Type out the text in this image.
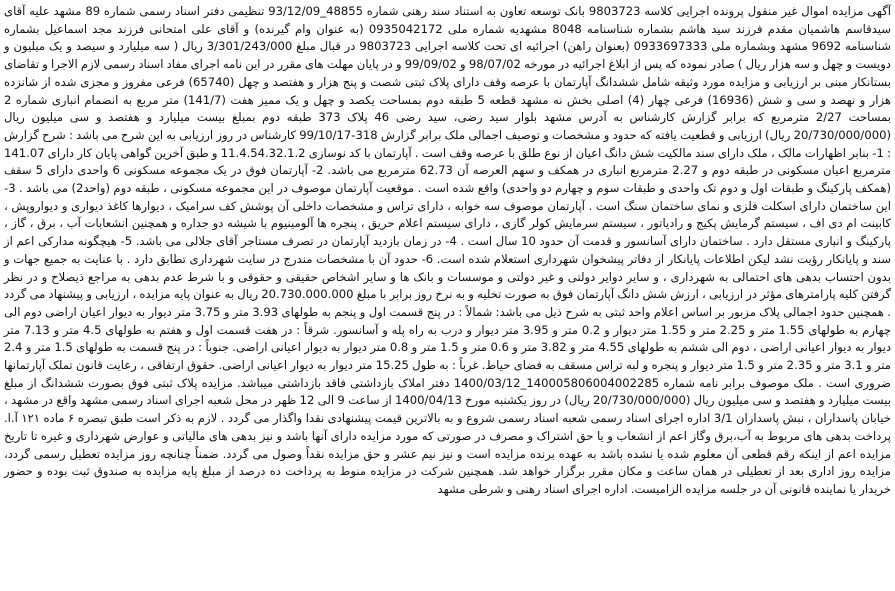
آگهی مزایده اموال غیر منقول پرونده اجرایی کلاسه 9803723 بانک توسعه تعاون به استناد سند رهنی شماره 48855_93/12/09 تنظیمی دفتر اسناد رسمی شماره 89 مشهد علیه آقای سیدقاسم هاشمیان مقدم فرزند سید هاشم بشماره شناسنامه 8048 مشهدیه شماره ملی 0935042172 (به عنوان وام گیرنده) و آقای علی امتحانی فرزند مجد اسماعیل بشماره شناسنامه 9692 مشهد وبشماره ملی 0933697333 (بعنوان راهن) اجرائیه ای تحت کلاسه اجرایی 9803723 در قبال مبلغ 3/301/243/000 ریال ( سه میلیارد و سیصد و یک میلیون و دویست و چهل و سه هزار ریال ) صادر نموده که پس از ابلاغ اجرائیه در مورخه 98/07/02 و 99/09/02 و در پایان مهلت های مقرر در این نامه اجرای مفاد اسناد رسمی لازم الاجرا و تقاضای بستانکار مبنی بر ارزیابی و مزایده مورد وثیقه شامل ششدانگ آپارتمان با عرصه وقف دارای پلاک ثبتی شصت و پنج هزار و هفتصد و چهل (65740) فرعی مفروز و مجزی شده از شانزده هزار و نهصد و سی و شش (16936) فرعی چهار (4) اصلی بخش نه مشهد قطعه 5 طبقه دوم بمساحت یکصد و چهل و یک ممیز هفت (141/7) متر مربع به انضمام انباری شماره 2 بمساحت 2/27 مترمربع که برابر گزارش کارشناس به آدرس مشهد بلوار سید رضی، سید رضی 46 پلاک 373 طبقه دوم بمبلغ بیست میلیارد و هفتصد و سی میلیون ریال (20/730/000/000 ریال) ارزیابی و قطعیت یافته که حدود و مشخصات و توصیف اجمالی ملک برابر گزارش 318-99/10/17 کارشناس در روز ارزیابی به این شرح می باشد : شرح گزارش : 1- بنابر اظهارات مالک ، ملک دارای سند مالکیت شش دانگ اعیان از نوع طلق با عرصه وقف است . آپارتمان با کد نوسازی 11.4.54.32.1.2 و طبق آخرین گواهی پایان کار دارای 141.07 مترمربع اعیان مسکونی در طبقه دوم و 2.27 مترمربع انباری در همکف و سهم العرصه آن 62.73 مترمربع می باشد. 2- آپارتمان فوق در یک مجموعه مسکونی 6 واحدی دارای 5 سقف (همکف پارکینگ و طبقات اول و دوم تک واحدی و طبقات سوم و چهارم دو واحدی) واقع شده است . موقعیت آپارتمان موصوف در این مجموعه مسکونی ، طبقه دوم (واحد2) می باشد . 3- این ساختمان دارای اسکلت فلزی و نمای ساختمان سنگ است . آپارتمان موصوف سه خوابه ، دارای تراس و مشخصات داخلی آن پوشش کف سرامیک ، دیوارها کاغذ دیواری و دیواروپش ، کابینت ام دی اف ، سیستم گرمایش پکیج و رادیاتور ، سیستم سرمایش کولر گازی ، دارای سیستم اعلام حریق ، پنجره ها آلومینیوم با شیشه دو جداره و همچنین انشعابات آب ، برق ، گاز ، پارکینگ و انباری مستقل دارد . ساختمان دارای آسانسور و قدمت آن حدود 10 سال است . 4- در زمان بازدید آپارتمان در تصرف مستاجر آقای جلالی می باشد. 5- هیچگونه مدارکی اعم از سند و پایانکار رؤیت نشد لیکن اطلاعات پایانکار از دفاتر پیشخوان شهرداری استعلام شده است. 6- حدود آن با مشخصات مندرج در سایت شهرداری تطابق دارد . با عنایت به جمیع جهات و بدون احتساب بدهی های احتمالی به شهرداری ، و سایر دوایر دولتی و غیر دولتی و موسسات و بانک ها و سایر اشخاص حقیقی و حقوقی و با شرط عدم بدهی به مراجع ذیصلاح و در نظر گرفتن کلیه پارامترهای مؤثر در ارزیابی ، ارزش شش دانگ آپارتمان فوق به صورت تخلیه و به نرخ روز برابر با مبلغ 20.730.000.000 ریال به عنوان پایه مزایده ، ارزیابی و پیشنهاد می گردد . همچنین حدود اجمالی پلاک مزبور بر اساس اعلام واحد ثبتی به شرح ذیل می باشد: شمالاً : در پنج قسمت اول و پنجم به طولهای 3.93 متر و 3.75 متر دیوار به دیوار اعیان اراضی دوم الی چهارم به طولهای 1.55 متر و 2.25 متر و 1.55 متر دیوار و 0.2 متر و 3.95 متر دیوار و درب به راه پله و آسانسور. شرقاً : در هفت قسمت اول و هفتم به طولهای 4.5 متر و 7.13 متر دیوار به دیوار اعیانی اراضی ، دوم الی ششم به طولهای 4.55 متر و 3.82 متر و 0.6 متر و 1.5 متر و 0.8 متر دیوار به دیوار اعیانی اراضی. جنوباً : در پنج قسمت به طولهای 1.5 متر و 2.4 متر و 3.1 متر و 2.35 متر و 1.5 متر دیوار و پنجره و لبه تراس مسقف به فضای حیاط. غرباً : به طول 15.25 متر دیوار به دیوار اعیانی اراضی. حقوق ارتفاقی ، رعایت قانون تملک آپارتمانها ضروری است . ملک موصوف برابر نامه شماره 140005806004002285_1400/03/12 دفتر املاک بازداشتی فاقد بازداشتی میباشد. مزایده پلاک ثبتی فوق بصورت ششدانگ از مبلغ بیست میلیارد و هفتصد و سی میلیون ریال (20/730/000/000 ریال) در روز یکشنبه مورخ 1400/04/13 از ساعت 9 الی 12 ظهر در محل شعبه اجرای اسناد رسمی مشهد واقع در مشهد ، خیابان پاسداران ، نبش پاسداران 3/1 اداره اجرای اسناد رسمی شعبه اسناد رسمی شروع و به بالاترین قیمت پیشنهادی نقدا واگذار می گردد . لازم به ذکر است طبق تبصره ۶ ماده ۱۲۱ آ.ا. پرداخت بدهی های مربوط به آب،برق وگاز اعم از انشعاب و یا حق اشتراک و مصرف در صورتی که مورد مزایده دارای آنها باشد و نیز بدهی های مالیاتی و عوارض شهرداری و غیره تا تاریخ مزایده اعم از اینکه رقم قطعی آن معلوم شده یا نشده باشد به عهده برنده مزایده است و نیز نیم عشر و حق مزایده نقداً وصول می گردد. ضمناً چنانچه روز مزایده تعطیل رسمی گردد، مزایده روز اداری بعد از تعطیلی در همان ساعت و مکان مقرر برگزار خواهد شد. همچنین شرکت در مزایده منوط به پرداخت ده درصد از مبلغ پایه مزایده به صندوق ثبت بوده و حضور خریدار یا نماینده قانونی آن در جلسه مزایده الزامیست. اداره اجرای اسناد رهنی و شرطی مشهد
